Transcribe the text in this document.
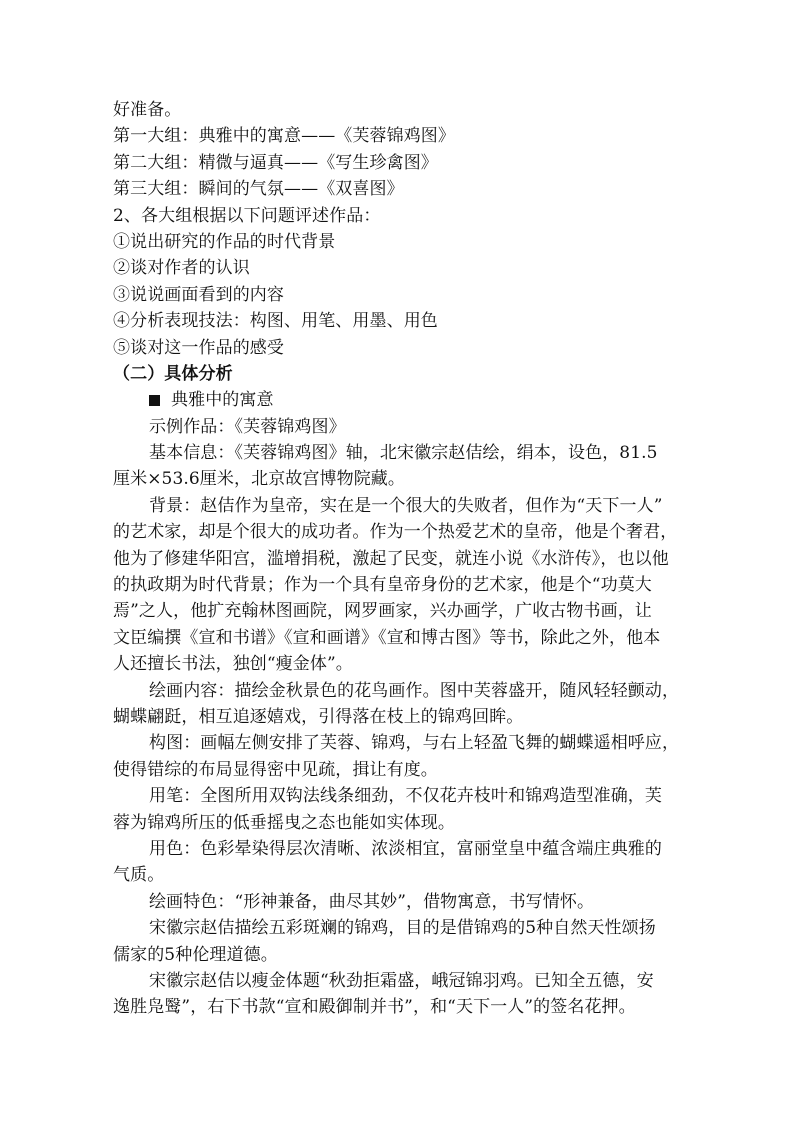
好准备。
第一大组：典雅中的寓意——《芙蓉锦鸡图》
第二大组：精微与逼真——《写生珍禽图》
第三大组：瞬间的气氛——《双喜图》
2、各大组根据以下问题评述作品：
①说出研究的作品的时代背景
②谈对作者的认识
③说说画面看到的内容
④分析表现技法：构图、用笔、用墨、用色
⑤谈对这一作品的感受
（二）具体分析
典雅中的寓意
示例作品：《芙蓉锦鸡图》
基本信息：《芙蓉锦鸡图》轴，北宋徽宗赵佶绘，绢本，设色，81.5
厘米×53.6厘米，北京故宫博物院藏。
背景：赵佶作为皇帝，实在是一个很大的失败者，但作为“天下一人”
的艺术家，却是个很大的成功者。作为一个热爱艺术的皇帝，他是个奢君，
他为了修建华阳宫，滥增捐税，激起了民变，就连小说《水浒传》，也以他
的执政期为时代背景；作为一个具有皇帝身份的艺术家，他是个“功莫大
焉”之人，他扩充翰林图画院，网罗画家，兴办画学，广收古物书画，让
文臣编撰《宣和书谱》《宣和画谱》《宣和博古图》等书，除此之外，他本
人还擅长书法，独创“瘦金体”。
绘画内容：描绘金秋景色的花鸟画作。图中芙蓉盛开，随风轻轻颤动，
蝴蝶翩跹，相互追逐嬉戏，引得落在枝上的锦鸡回眸。
构图：画幅左侧安排了芙蓉、锦鸡，与右上轻盈飞舞的蝴蝶遥相呼应，
使得错综的布局显得密中见疏，揖让有度。
用笔：全图所用双钩法线条细劲，不仅花卉枝叶和锦鸡造型准确，芙
蓉为锦鸡所压的低垂摇曳之态也能如实体现。
用色：色彩晕染得层次清晰、浓淡相宜，富丽堂皇中蕴含端庄典雅的
气质。
绘画特色：“形神兼备，曲尽其妙”，借物寓意，书写情怀。
宋徽宗赵佶描绘五彩斑斓的锦鸡，目的是借锦鸡的5种自然天性颂扬
儒家的5种伦理道德。
宋徽宗赵佶以瘦金体题“秋劲拒霜盛，峨冠锦羽鸡。已知全五德，安
逸胜凫鹥”，右下书款“宣和殿御制并书”，和“天下一人”的签名花押。
